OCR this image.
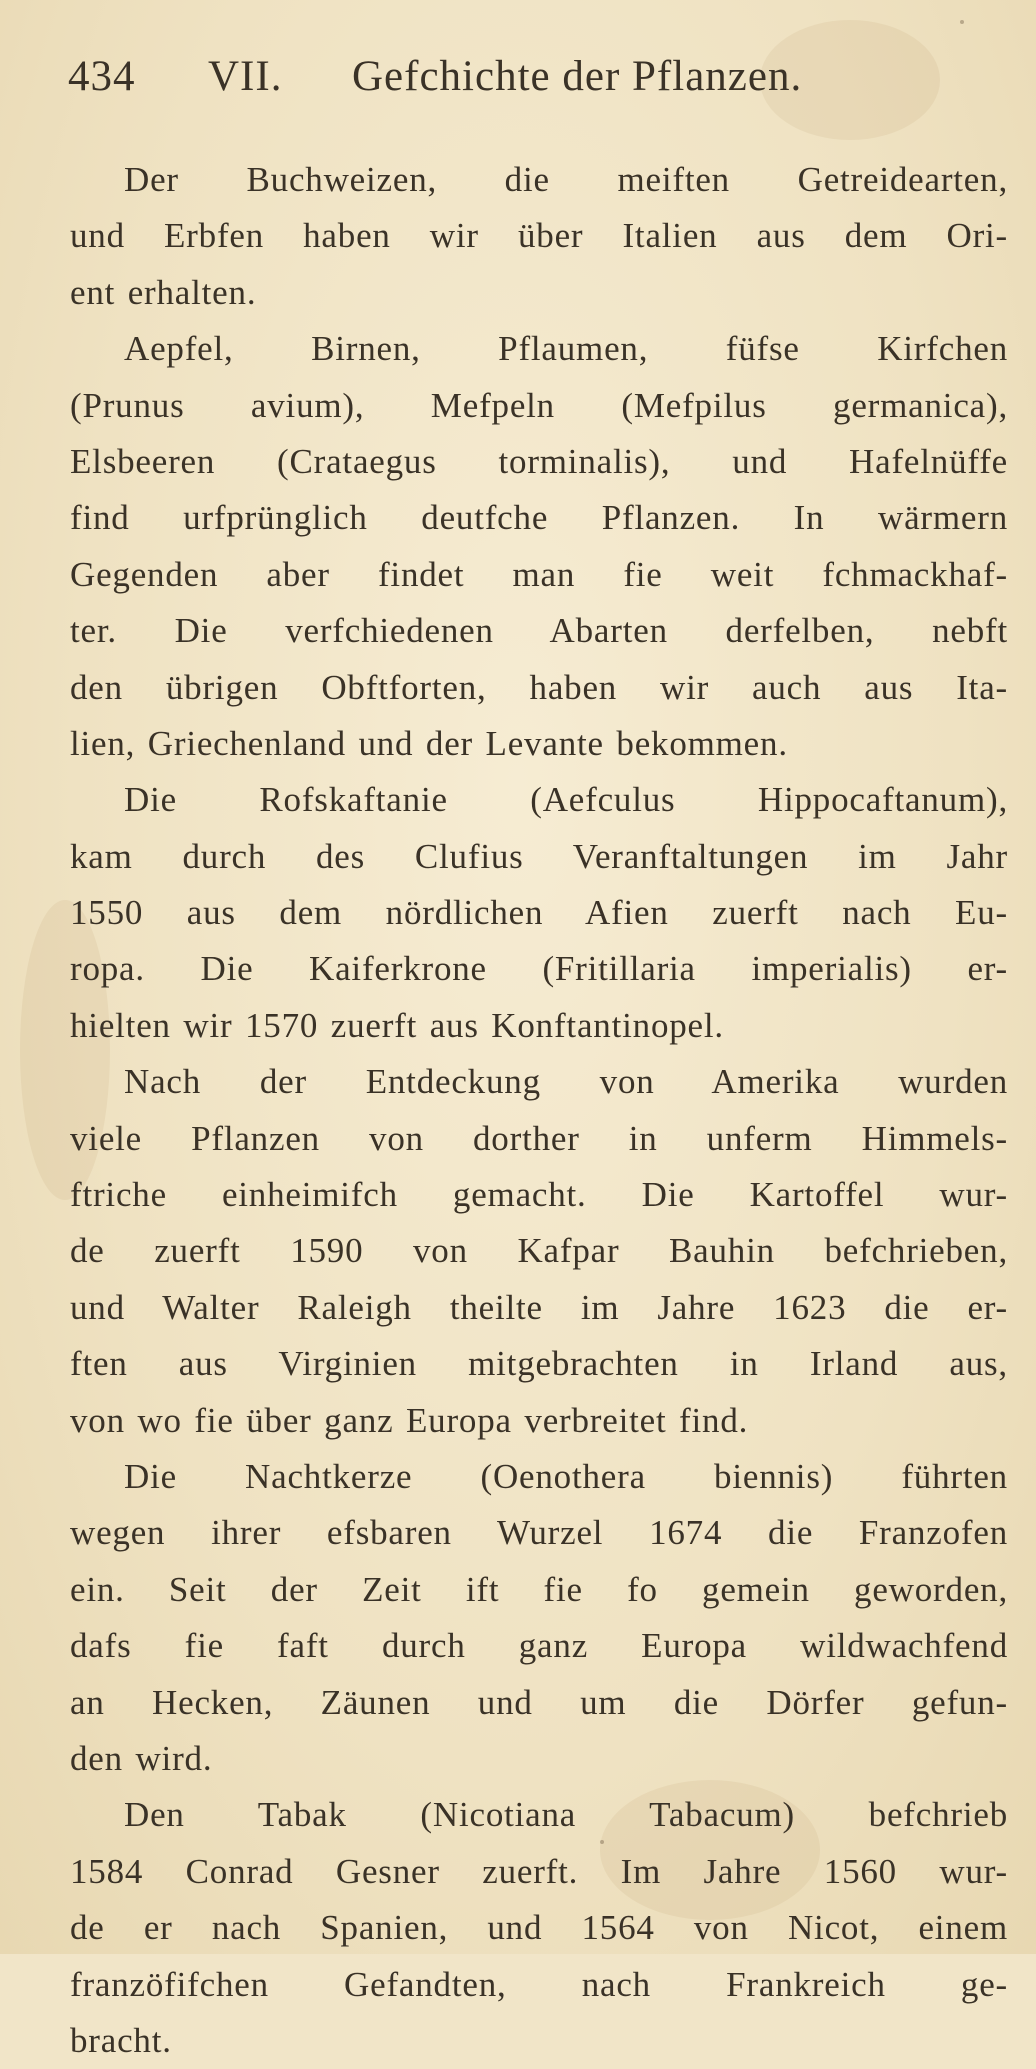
434 VII. Gefchichte der Pflanzen.
Der Buchweizen, die meiften Getreidearten,
und Erbfen haben wir über Italien aus dem Ori-
ent erhalten.
Aepfel, Birnen, Pflaumen, füfse Kirfchen
(Prunus avium), Mefpeln (Mefpilus germanica),
Elsbeeren (Crataegus torminalis), und Hafelnüffe
find urfprünglich deutfche Pflanzen. In wärmern
Gegenden aber findet man fie weit fchmackhaf-
ter. Die verfchiedenen Abarten derfelben, nebft
den übrigen Obftforten, haben wir auch aus Ita-
lien, Griechenland und der Levante bekommen.
Die Rofskaftanie (Aefculus Hippocaftanum),
kam durch des Clufius Veranftaltungen im Jahr
1550 aus dem nördlichen Afien zuerft nach Eu-
ropa. Die Kaiferkrone (Fritillaria imperialis) er-
hielten wir 1570 zuerft aus Konftantinopel.
Nach der Entdeckung von Amerika wurden
viele Pflanzen von dorther in unferm Himmels-
ftriche einheimifch gemacht. Die Kartoffel wur-
de zuerft 1590 von Kafpar Bauhin befchrieben,
und Walter Raleigh theilte im Jahre 1623 die er-
ften aus Virginien mitgebrachten in Irland aus,
von wo fie über ganz Europa verbreitet find.
Die Nachtkerze (Oenothera biennis) führten
wegen ihrer efsbaren Wurzel 1674 die Franzofen
ein. Seit der Zeit ift fie fo gemein geworden,
dafs fie faft durch ganz Europa wildwachfend
an Hecken, Zäunen und um die Dörfer gefun-
den wird.
Den Tabak (Nicotiana Tabacum) befchrieb
1584 Conrad Gesner zuerft. Im Jahre 1560 wur-
de er nach Spanien, und 1564 von Nicot, einem
franzöfifchen Gefandten, nach Frankreich ge-
bracht.
